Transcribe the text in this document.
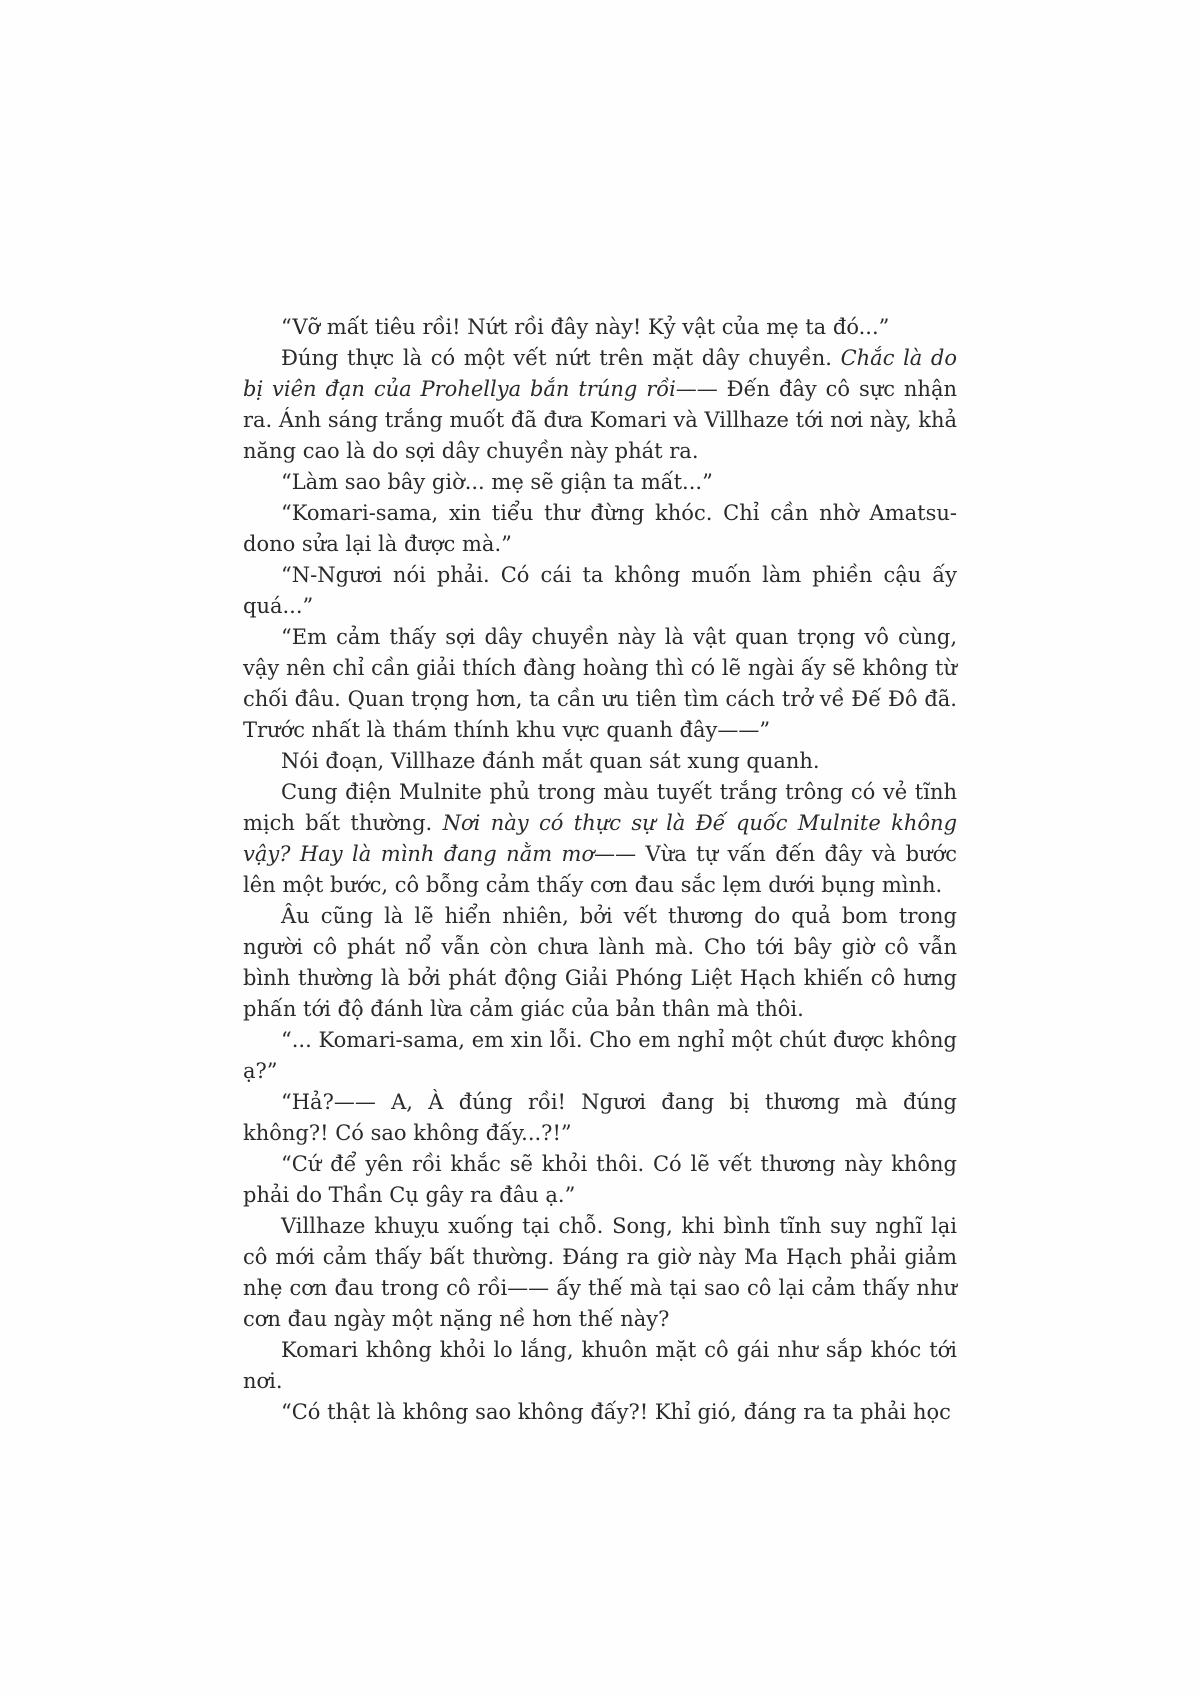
“Vỡ mất tiêu rồi! Nứt rồi đây này! Kỷ vật của mẹ ta đó...”

Đúng thực là có một vết nứt trên mặt dây chuyền. Chắc là do bị viên đạn của Prohellya bắn trúng rồi—— Đến đây cô sực nhận ra. Ánh sáng trắng muốt đã đưa Komari và Villhaze tới nơi này, khả năng cao là do sợi dây chuyền này phát ra.

“Làm sao bây giờ... mẹ sẽ giận ta mất...”

“Komari-sama, xin tiểu thư đừng khóc. Chỉ cần nhờ Amatsu-dono sửa lại là được mà.”

“N-Ngươi nói phải. Có cái ta không muốn làm phiền cậu ấy quá...”

“Em cảm thấy sợi dây chuyền này là vật quan trọng vô cùng, vậy nên chỉ cần giải thích đàng hoàng thì có lẽ ngài ấy sẽ không từ chối đâu. Quan trọng hơn, ta cần ưu tiên tìm cách trở về Đế Đô đã. Trước nhất là thám thính khu vực quanh đây——”

Nói đoạn, Villhaze đánh mắt quan sát xung quanh.

Cung điện Mulnite phủ trong màu tuyết trắng trông có vẻ tĩnh mịch bất thường. Nơi này có thực sự là Đế quốc Mulnite không vậy? Hay là mình đang nằm mơ—— Vừa tự vấn đến đây và bước lên một bước, cô bỗng cảm thấy cơn đau sắc lẹm dưới bụng mình.

Âu cũng là lẽ hiển nhiên, bởi vết thương do quả bom trong người cô phát nổ vẫn còn chưa lành mà. Cho tới bây giờ cô vẫn bình thường là bởi phát động Giải Phóng Liệt Hạch khiến cô hưng phấn tới độ đánh lừa cảm giác của bản thân mà thôi.

“... Komari-sama, em xin lỗi. Cho em nghỉ một chút được không ạ?”

“Hả?—— A, À đúng rồi! Ngươi đang bị thương mà đúng không?! Có sao không đấy...?!”

“Cứ để yên rồi khắc sẽ khỏi thôi. Có lẽ vết thương này không phải do Thần Cụ gây ra đâu ạ.”

Villhaze khuỵu xuống tại chỗ. Song, khi bình tĩnh suy nghĩ lại cô mới cảm thấy bất thường. Đáng ra giờ này Ma Hạch phải giảm nhẹ cơn đau trong cô rồi—— ấy thế mà tại sao cô lại cảm thấy như cơn đau ngày một nặng nề hơn thế này?

Komari không khỏi lo lắng, khuôn mặt cô gái như sắp khóc tới nơi.

“Có thật là không sao không đấy?! Khỉ gió, đáng ra ta phải học
